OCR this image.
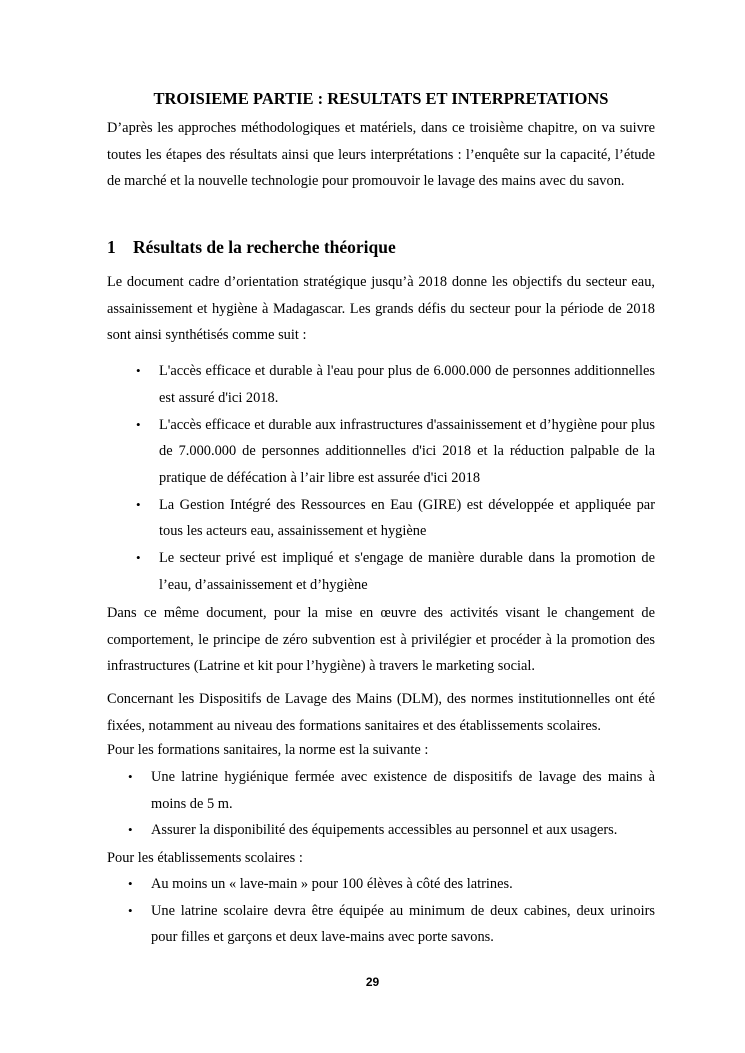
TROISIEME PARTIE : RESULTATS ET INTERPRETATIONS

D’après les approches méthodologiques et matériels, dans ce troisième chapitre, on va suivre toutes les étapes des résultats ainsi que leurs interprétations : l’enquête sur la capacité, l’étude de marché et la nouvelle technologie pour promouvoir le lavage des mains avec du savon.

1 Résultats de la recherche théorique

Le document cadre d’orientation stratégique jusqu’à 2018 donne les objectifs du secteur eau, assainissement et hygiène à Madagascar. Les grands défis du secteur pour la période de 2018 sont ainsi synthétisés comme suit :

•	L'accès efficace et durable à l'eau pour plus de 6.000.000 de personnes additionnelles est assuré d'ici 2018.
•	L'accès efficace et durable aux infrastructures d'assainissement et d’hygiène pour plus de 7.000.000 de personnes additionnelles d'ici 2018 et la réduction palpable de la pratique de défécation à l’air libre est assurée d'ici 2018
•	La Gestion Intégré des Ressources en Eau (GIRE) est développée et appliquée par tous les acteurs eau, assainissement et hygiène
•	Le secteur privé est impliqué et s'engage de manière durable dans la promotion de l’eau, d’assainissement et d’hygiène

Dans ce même document, pour la mise en œuvre des activités visant le changement de comportement, le principe de zéro subvention est à privilégier et procéder à la promotion des infrastructures (Latrine et kit pour l’hygiène) à travers le marketing social.

Concernant les Dispositifs de Lavage des Mains (DLM), des normes institutionnelles ont été fixées, notamment au niveau des formations sanitaires et des établissements scolaires.

Pour les formations sanitaires, la norme est la suivante :

•	Une latrine hygiénique fermée avec existence de dispositifs de lavage des mains à moins de 5 m.
•	Assurer la disponibilité des équipements accessibles au personnel et aux usagers.

Pour les établissements scolaires :

•	Au moins un « lave-main » pour 100 élèves à côté des latrines.
•	Une latrine scolaire devra être équipée au minimum de deux cabines, deux urinoirs pour filles et garçons et deux lave-mains avec porte savons.
29
